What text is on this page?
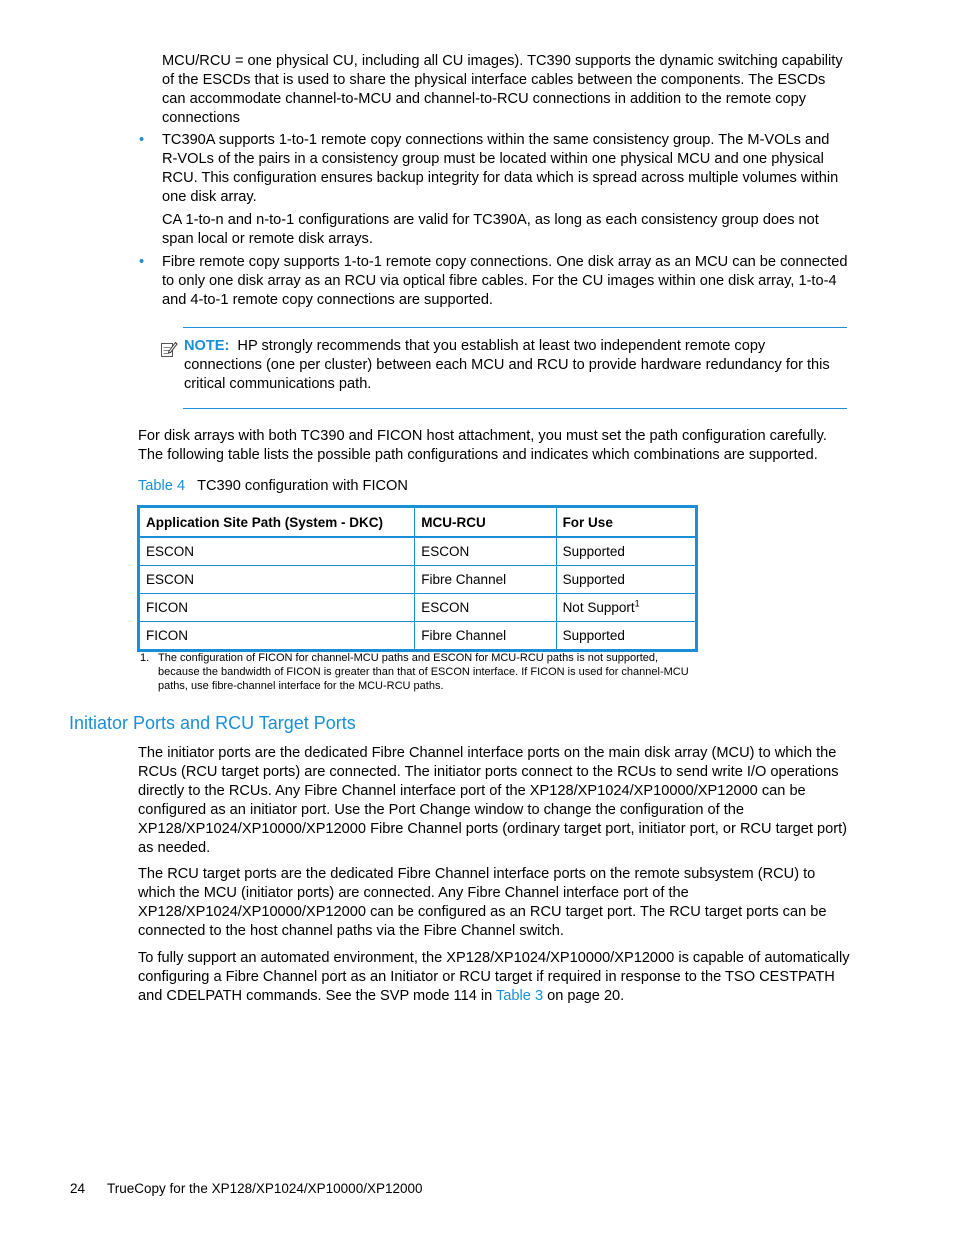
MCU/RCU = one physical CU, including all CU images). TC390 supports the dynamic switching capability of the ESCDs that is used to share the physical interface cables between the components. The ESCDs can accommodate channel-to-MCU and channel-to-RCU connections in addition to the remote copy connections

• TC390A supports 1-to-1 remote copy connections within the same consistency group. The M-VOLs and R-VOLs of the pairs in a consistency group must be located within one physical MCU and one physical RCU. This configuration ensures backup integrity for data which is spread across multiple volumes within one disk array.

CA 1-to-n and n-to-1 configurations are valid for TC390A, as long as each consistency group does not span local or remote disk arrays.

• Fibre remote copy supports 1-to-1 remote copy connections. One disk array as an MCU can be connected to only one disk array as an RCU via optical fibre cables. For the CU images within one disk array, 1-to-4 and 4-to-1 remote copy connections are supported.

NOTE: HP strongly recommends that you establish at least two independent remote copy connections (one per cluster) between each MCU and RCU to provide hardware redundancy for this critical communications path.

For disk arrays with both TC390 and FICON host attachment, you must set the path configuration carefully. The following table lists the possible path configurations and indicates which combinations are supported.

Table 4 TC390 configuration with FICON
Application Site Path (System - DKC)	MCU-RCU	For Use
ESCON	ESCON	Supported
ESCON	Fibre Channel	Supported
FICON	ESCON	Not Support$^1$
FICON	Fibre Channel	Supported
1. The configuration of FICON for channel-MCU paths and ESCON for MCU-RCU paths is not supported, because the bandwidth of FICON is greater than that of ESCON interface. If FICON is used for channel-MCU paths, use fibre-channel interface for the MCU-RCU paths.
Initiator Ports and RCU Target Ports

The initiator ports are the dedicated Fibre Channel interface ports on the main disk array (MCU) to which the RCUs (RCU target ports) are connected. The initiator ports connect to the RCUs to send write I/O operations directly to the RCUs. Any Fibre Channel interface port of the XP128/XP1024/XP10000/XP12000 can be configured as an initiator port. Use the Port Change window to change the configuration of the XP128/XP1024/XP10000/XP12000 Fibre Channel ports (ordinary target port, initiator port, or RCU target port) as needed.

The RCU target ports are the dedicated Fibre Channel interface ports on the remote subsystem (RCU) to which the MCU (initiator ports) are connected. Any Fibre Channel interface port of the XP128/XP1024/XP10000/XP12000 can be configured as an RCU target port. The RCU target ports can be connected to the host channel paths via the Fibre Channel switch.

To fully support an automated environment, the XP128/XP1024/XP10000/XP12000 is capable of automatically configuring a Fibre Channel port as an Initiator or RCU target if required in response to the TSO CESTPATH and CDELPATH commands. See the SVP mode 114 in Table 3 on page 20.

24 TrueCopy for the XP128/XP1024/XP10000/XP12000
